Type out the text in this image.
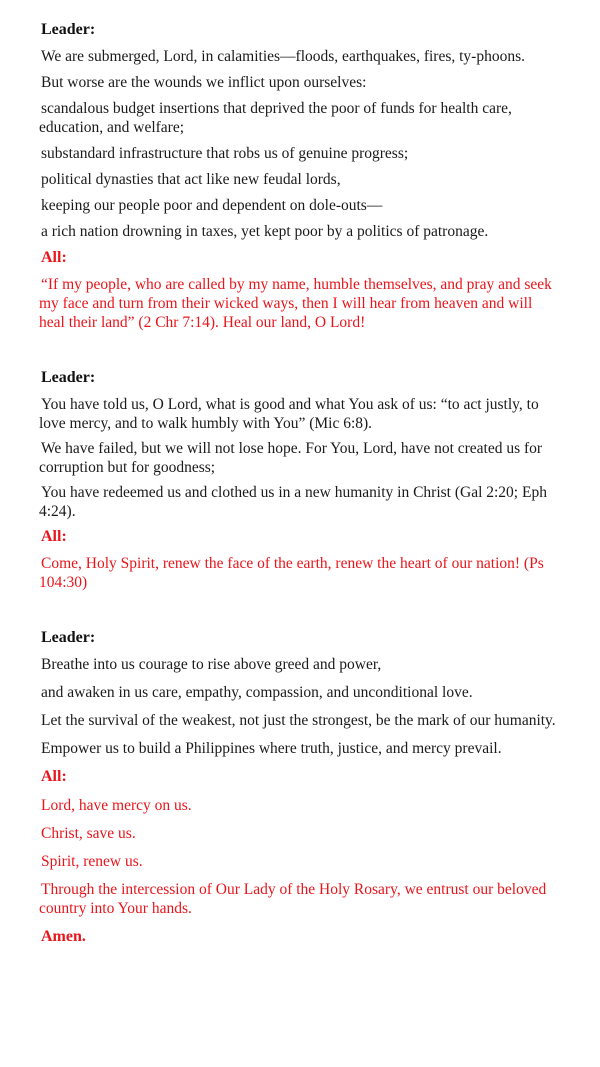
Leader:

We are submerged, Lord, in calamities—floods, earthquakes, fires, ty-phoons.

But worse are the wounds we inflict upon ourselves:

scandalous budget insertions that deprived the poor of funds for health care, education, and welfare;

substandard infrastructure that robs us of genuine progress;

political dynasties that act like new feudal lords,

keeping our people poor and dependent on dole-outs—

a rich nation drowning in taxes, yet kept poor by a politics of patronage.

All:

“If my people, who are called by my name, humble themselves, and pray and seek my face and turn from their wicked ways, then I will hear from heaven and will heal their land” (2 Chr 7:14). Heal our land, O Lord!

Leader:

You have told us, O Lord, what is good and what You ask of us: “to act justly, to love mercy, and to walk humbly with You” (Mic 6:8).

We have failed, but we will not lose hope. For You, Lord, have not created us for corruption but for goodness;

You have redeemed us and clothed us in a new humanity in Christ (Gal 2:20; Eph 4:24).

All:

Come, Holy Spirit, renew the face of the earth, renew the heart of our nation! (Ps 104:30)

Leader:

Breathe into us courage to rise above greed and power,

and awaken in us care, empathy, compassion, and unconditional love.

Let the survival of the weakest, not just the strongest, be the mark of our humanity.

Empower us to build a Philippines where truth, justice, and mercy prevail.

All:

Lord, have mercy on us.

Christ, save us.

Spirit, renew us.

Through the intercession of Our Lady of the Holy Rosary, we entrust our beloved country into Your hands.

Amen.
